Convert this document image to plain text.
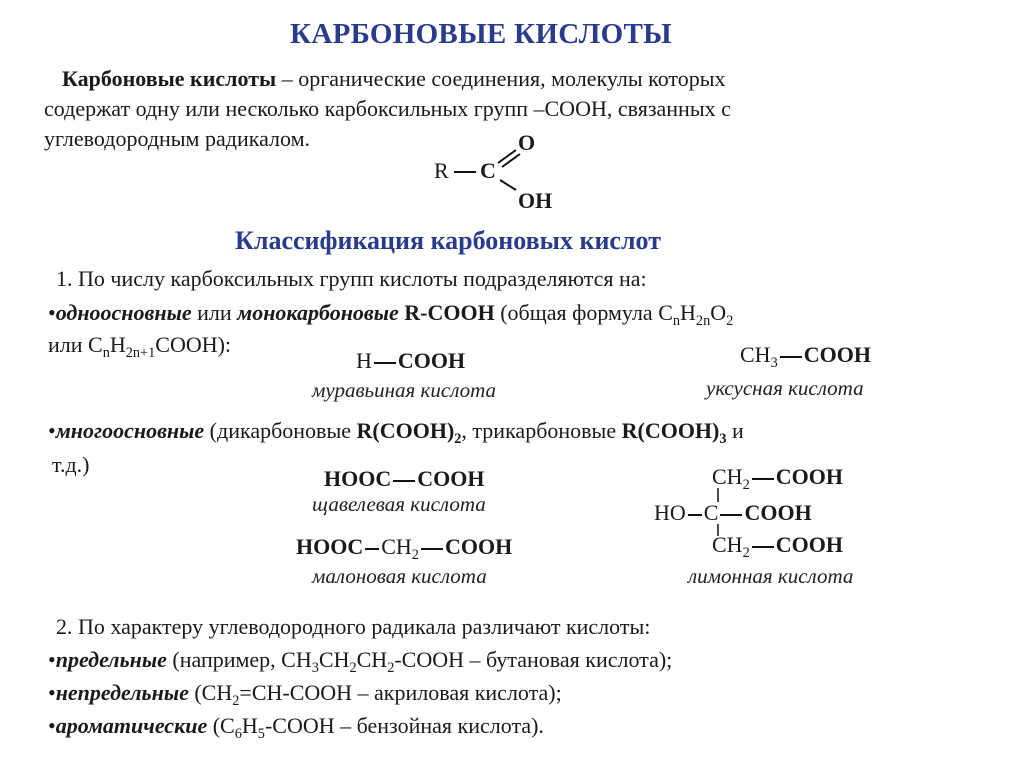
КАРБОНОВЫЕ КИСЛОТЫ
Карбоновые кислоты – органические соединения, молекулы которых
содержат одну или несколько карбоксильных групп –СООН, связанных с
углеводородным радикалом.
R C
O
OH
Классификация карбоновых кислот
1. По числу карбоксильных групп кислоты подразделяются на:
•одноосновные или монокарбоновые R-COOH (общая формула $C_nH_{2n}O_2$
или $C_nH_{2n+1}COOH$):
H COOH
муравьиная кислота
$CH_3$ COOH
уксусная кислота
•многоосновные (дикарбоновые $R(COOH)_2$, трикарбоновые $R(COOH)_3$ и
т.д.)
HOOC COOH
щавелевая кислота
HOOC $CH_2$ COOH
малоновая кислота
$CH_2$ COOH
HO C COOH
$CH_2$ COOH
лимонная кислота
2. По характеру углеводородного радикала различают кислоты:
•предельные (например, $CH_3CH_2CH_2$-COOH – бутановая кислота);
•непредельные ($CH_2=CH$-COOH – акриловая кислота);
•ароматические ($C_6H_5$-COOH – бензойная кислота).
